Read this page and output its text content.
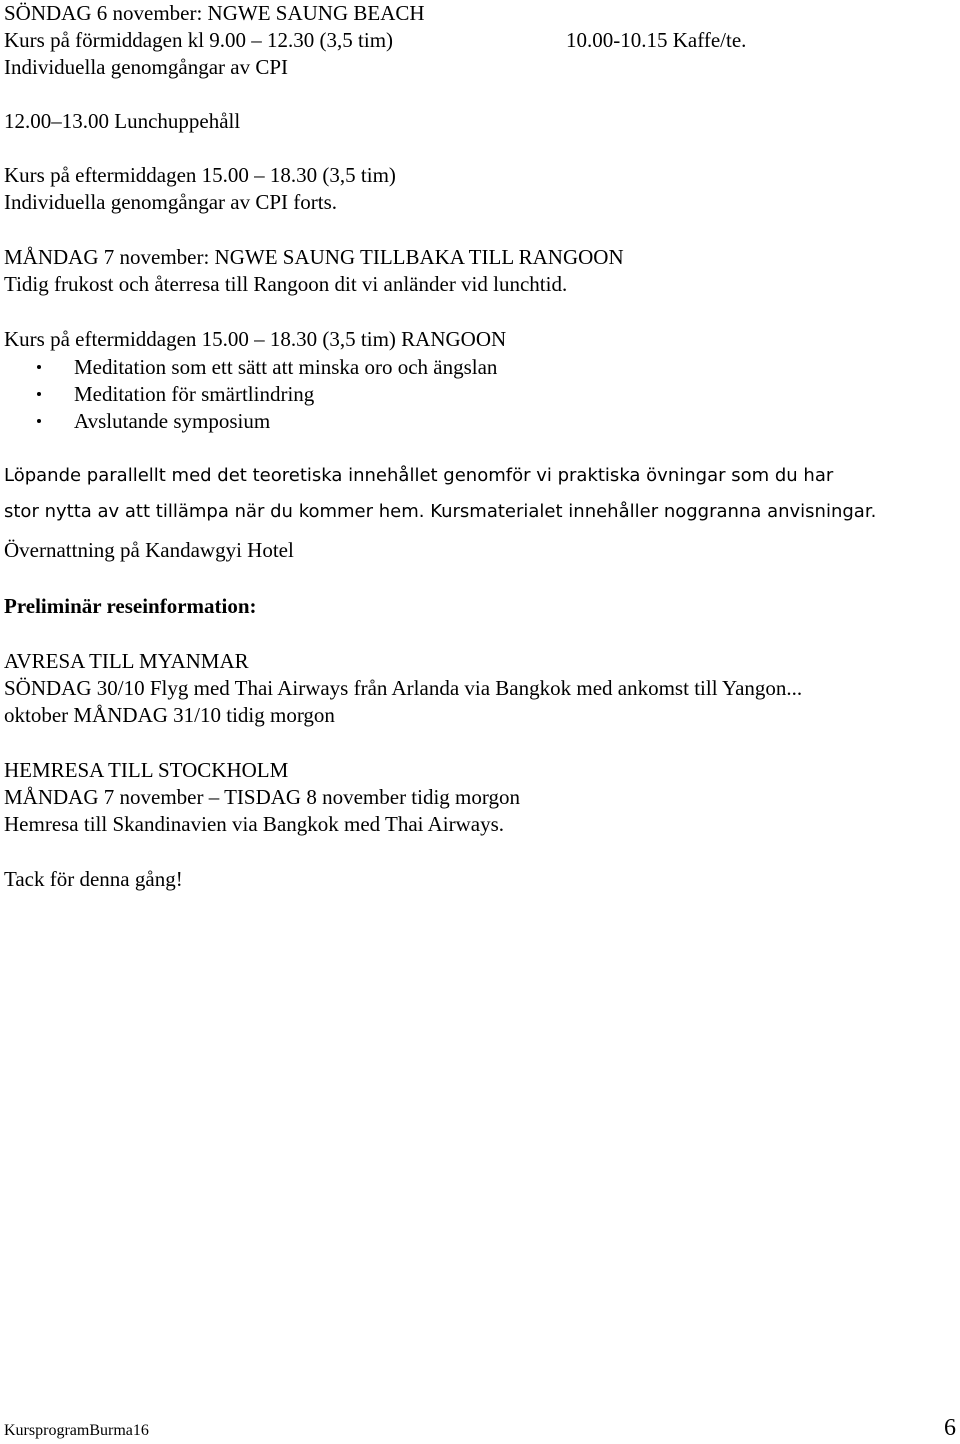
SÖNDAG 6 november: NGWE SAUNG BEACH
Kurs på förmiddagen kl 9.00 – 12.30 (3,5 tim)	10.00-10.15 Kaffe/te.
Individuella genomgångar av CPI
12.00–13.00 Lunchuppehåll
Kurs på eftermiddagen 15.00 – 18.30 (3,5 tim)
Individuella genomgångar av CPI forts.
MÅNDAG 7 november: NGWE SAUNG TILLBAKA TILL RANGOON
Tidig frukost och återresa till Rangoon dit vi anländer vid lunchtid.
Kurs på eftermiddagen 15.00 – 18.30 (3,5 tim) RANGOON
Meditation som ett sätt att minska oro och ängslan
Meditation för smärtlindring
Avslutande symposium
Löpande parallellt med det teoretiska innehållet genomför vi praktiska övningar som du har
stor nytta av att tillämpa när du kommer hem. Kursmaterialet innehåller noggranna anvisningar.
Övernattning på Kandawgyi Hotel
Preliminär reseinformation:
AVRESA TILL MYANMAR
SÖNDAG 30/10 Flyg med Thai Airways från Arlanda via Bangkok med ankomst till Yangon...
oktober MÅNDAG 31/10 tidig morgon
HEMRESA TILL STOCKHOLM
MÅNDAG 7 november – TISDAG 8 november tidig morgon
Hemresa till Skandinavien via Bangkok med Thai Airways.
Tack för denna gång!
KursprogramBurma16	6
